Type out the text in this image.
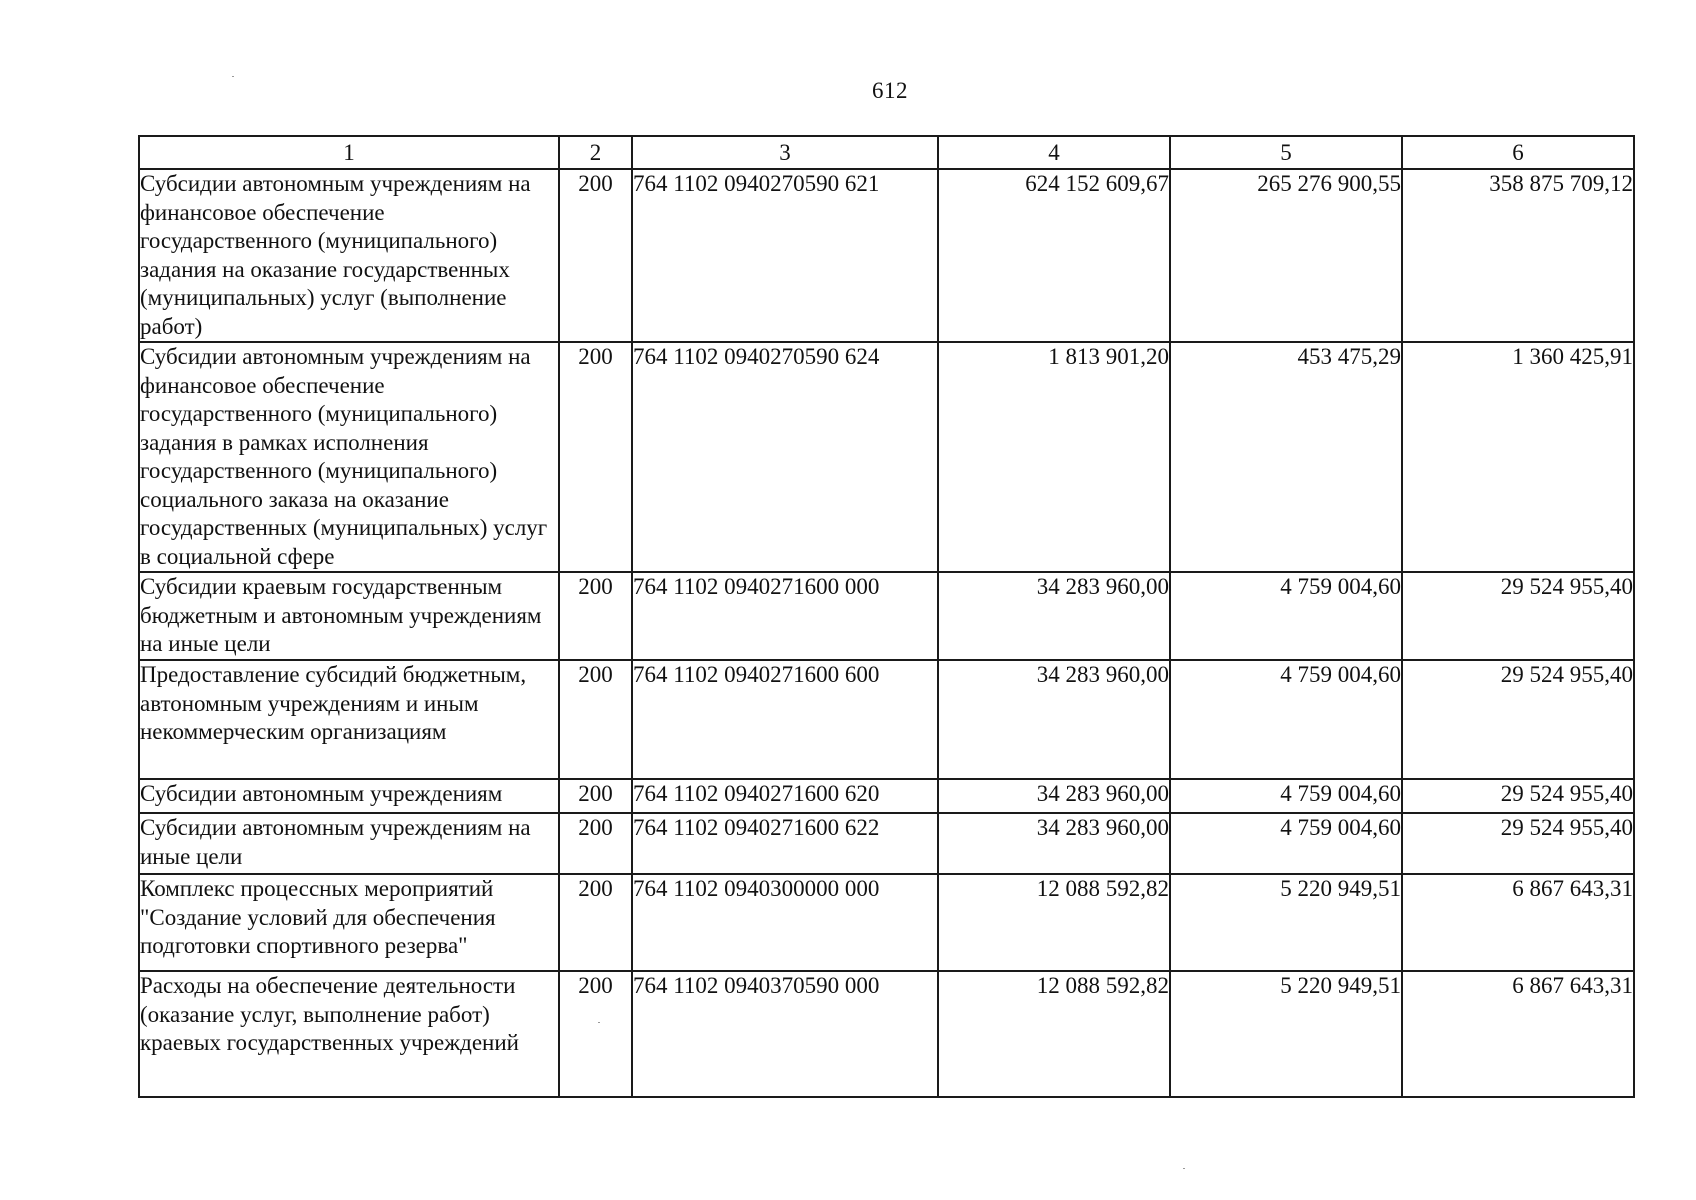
612
1	2	3	4	5	6
Субсидии автономным учреждениям на финансовое обеспечение государственного (муниципального) задания на оказание государственных (муниципальных) услуг (выполнение работ)	200	764 1102 0940270590 621	624 152 609,67	265 276 900,55	358 875 709,12
Субсидии автономным учреждениям на финансовое обеспечение государственного (муниципального) задания в рамках исполнения государственного (муниципального) социального заказа на оказание государственных (муниципальных) услуг в социальной сфере	200	764 1102 0940270590 624	1 813 901,20	453 475,29	1 360 425,91
Субсидии краевым государственным бюджетным и автономным учреждениям на иные цели	200	764 1102 0940271600 000	34 283 960,00	4 759 004,60	29 524 955,40
Предоставление субсидий бюджетным, автономным учреждениям и иным некоммерческим организациям	200	764 1102 0940271600 600	34 283 960,00	4 759 004,60	29 524 955,40
Субсидии автономным учреждениям	200	764 1102 0940271600 620	34 283 960,00	4 759 004,60	29 524 955,40
Субсидии автономным учреждениям на иные цели	200	764 1102 0940271600 622	34 283 960,00	4 759 004,60	29 524 955,40
Комплекс процессных мероприятий "Создание условий для обеспечения подготовки спортивного резерва"	200	764 1102 0940300000 000	12 088 592,82	5 220 949,51	6 867 643,31
Расходы на обеспечение деятельности (оказание услуг, выполнение работ) краевых государственных учреждений	200	764 1102 0940370590 000	12 088 592,82	5 220 949,51	6 867 643,31
